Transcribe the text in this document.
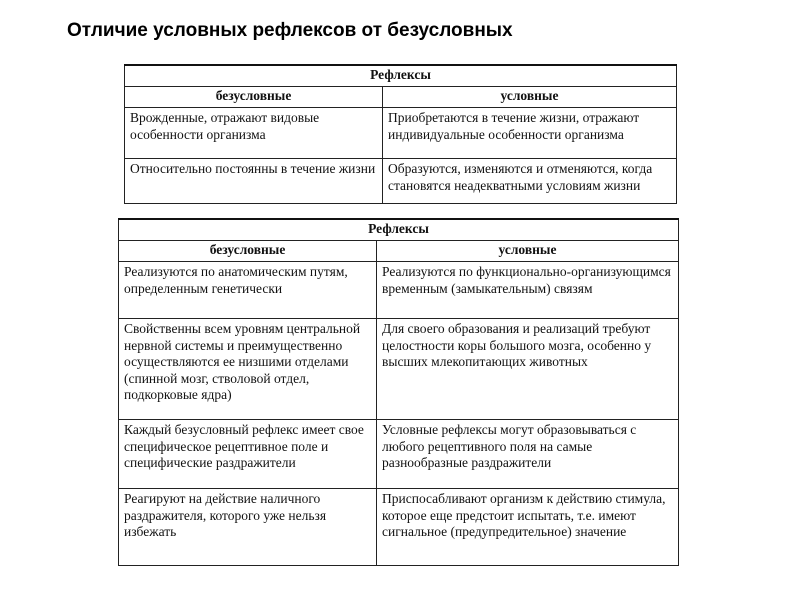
Отличие условных рефлексов от безусловных
Рефлексы	
безусловные	условные
Врожденные, отражают видовые особенности организма	Приобретаются в течение жизни, отражают индивидуальные особенности организма
Относительно постоянны в течение жизни	Образуются, изменяются и отменяются, когда становятся неадекватными условиям жизни
Рефлексы	
безусловные	условные
Реализуются по анатомическим путям, определенным генетически	Реализуются по функционально-организующимся временным (замыкательным) связям
Свойственны всем уровням центральной нервной системы и преимущественно осуществляются ее низшими отделами (спинной мозг, стволовой отдел, подкорковые ядра)	Для своего образования и реализаций требуют целостности коры большого мозга, особенно у высших млекопитающих животных
Каждый безусловный рефлекс имеет свое специфическое рецептивное поле и специфические раздражители	Условные рефлексы могут образовываться с любого рецептивного поля на самые разнообразные раздражители
Реагируют на действие наличного раздражителя, которого уже нельзя избежать	Приспосабливают организм к действию стимула, которое еще предстоит испытать, т.е. имеют сигнальное (предупредительное) значение
